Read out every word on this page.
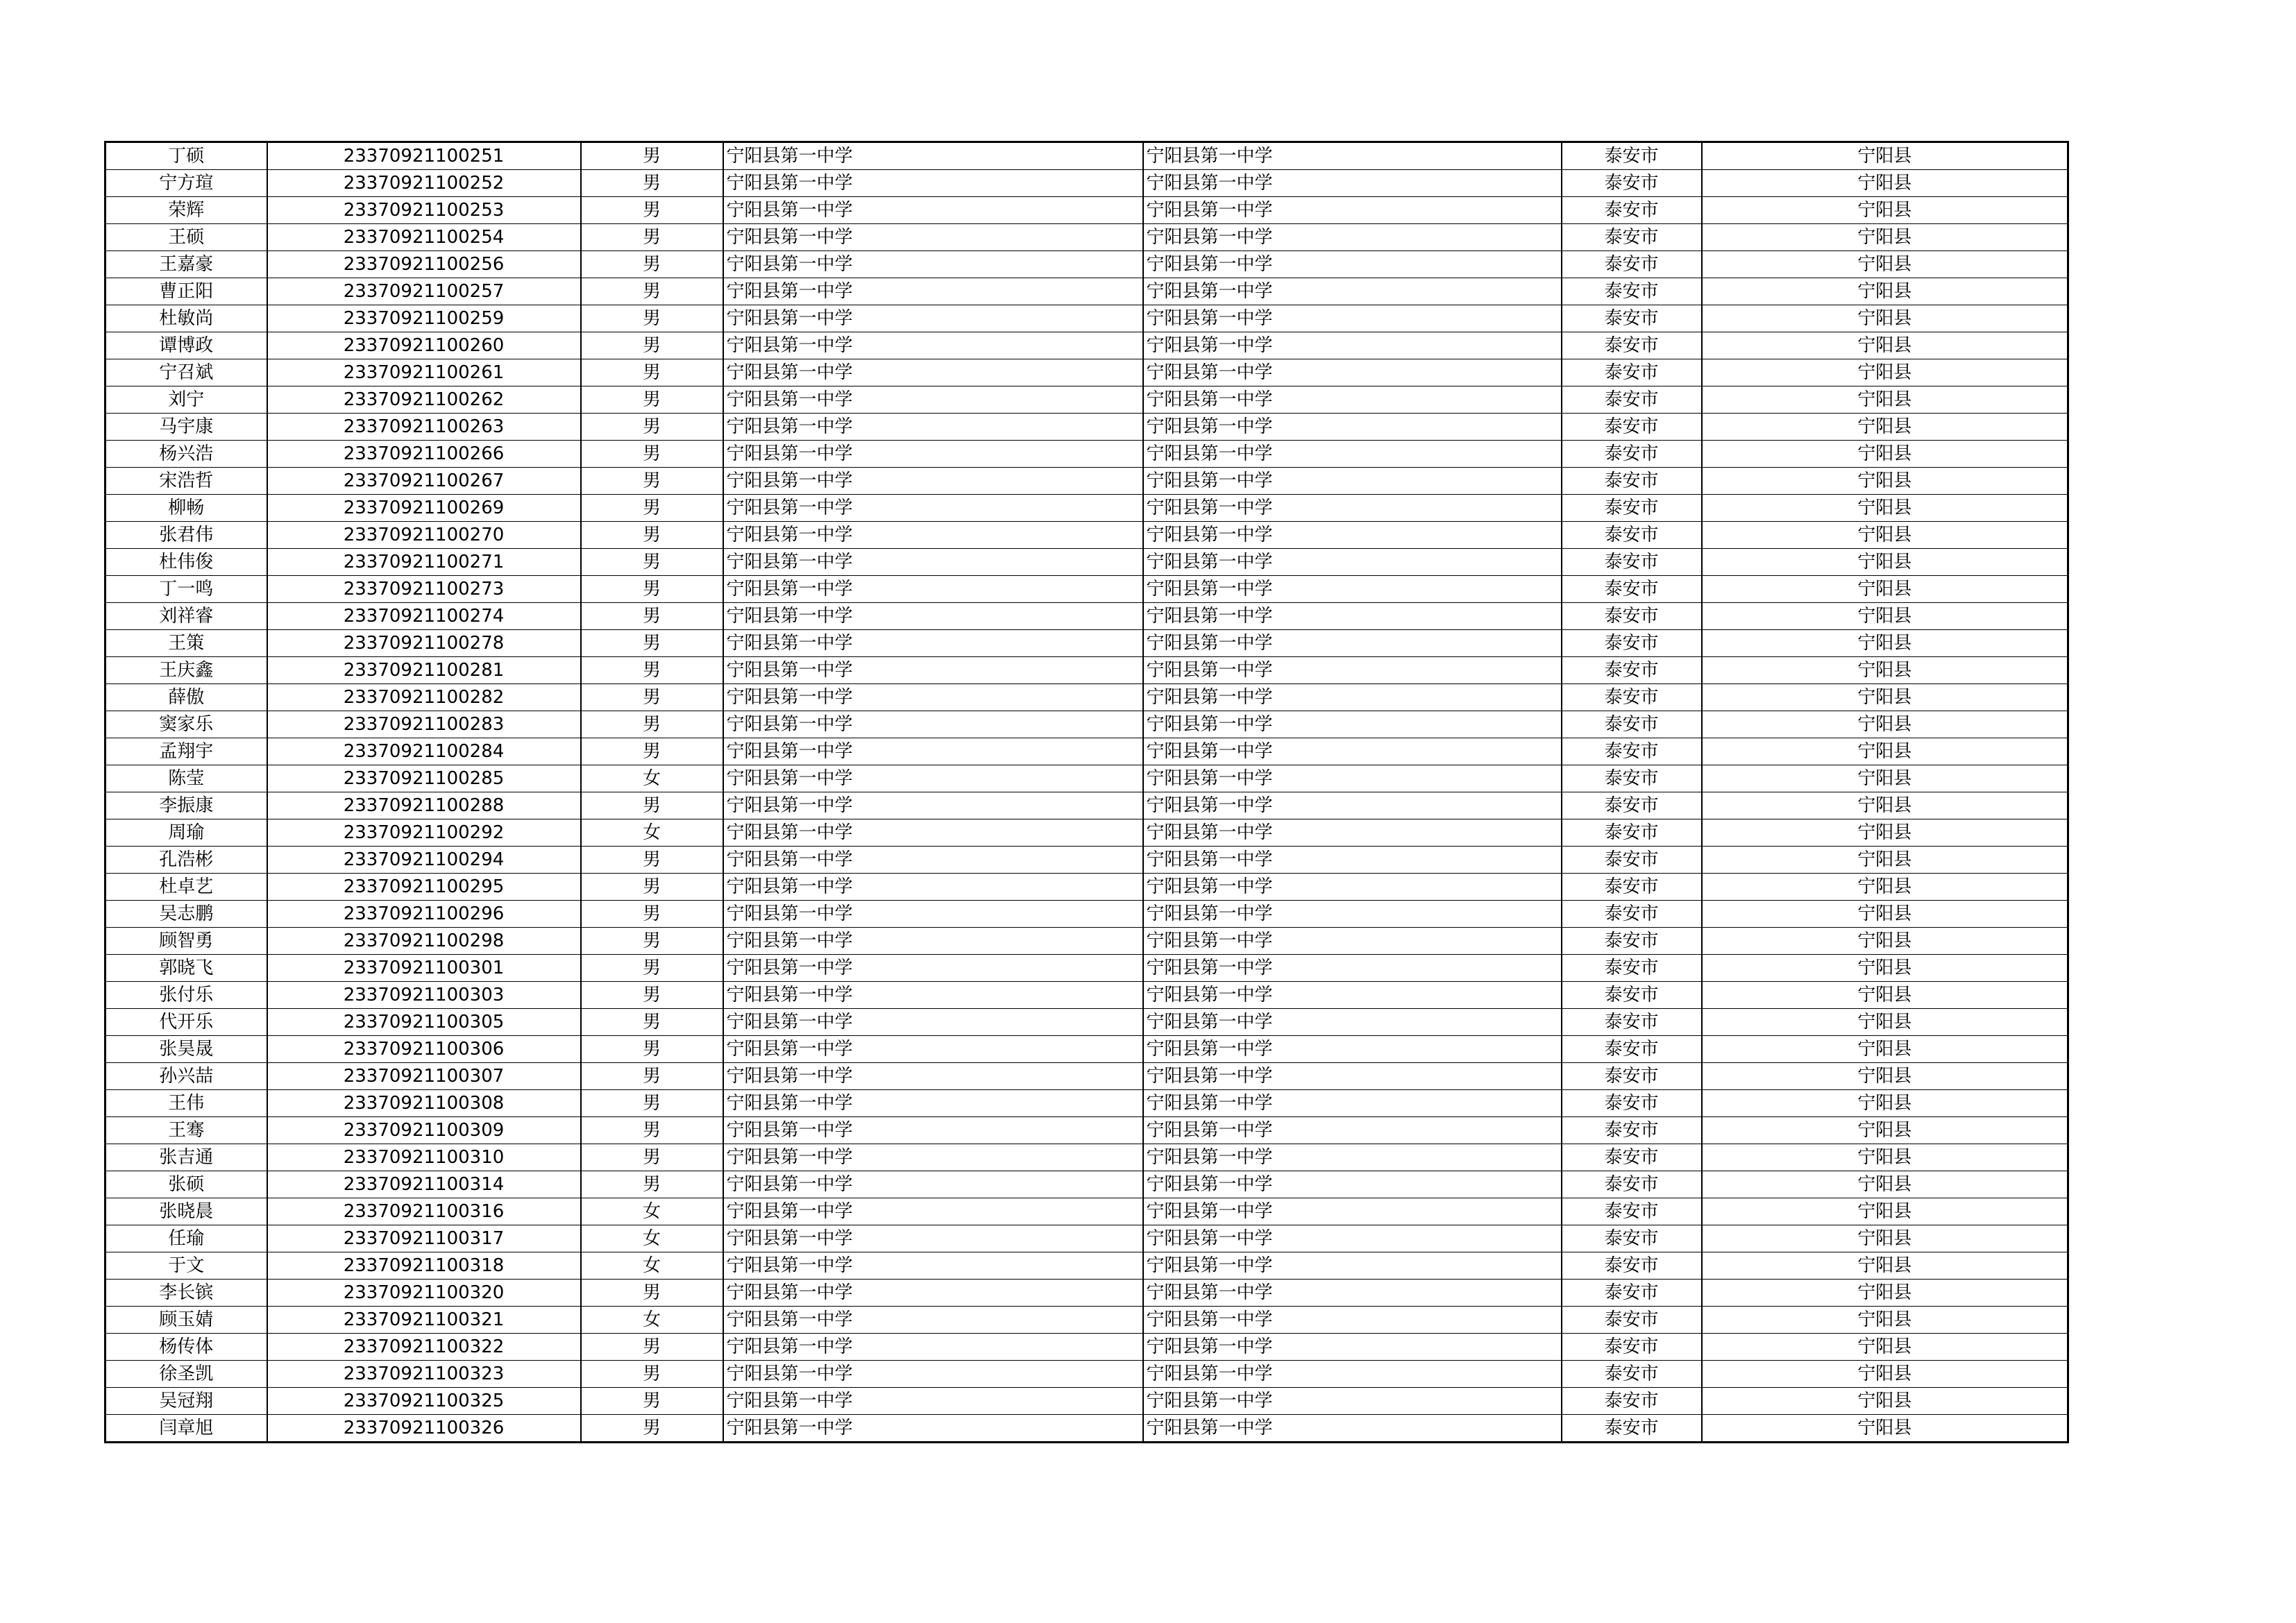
丁硕	23370921100251	男	宁阳县第一中学	宁阳县第一中学	泰安市	宁阳县
宁方瑄	23370921100252	男	宁阳县第一中学	宁阳县第一中学	泰安市	宁阳县
荣辉	23370921100253	男	宁阳县第一中学	宁阳县第一中学	泰安市	宁阳县
王硕	23370921100254	男	宁阳县第一中学	宁阳县第一中学	泰安市	宁阳县
王嘉豪	23370921100256	男	宁阳县第一中学	宁阳县第一中学	泰安市	宁阳县
曹正阳	23370921100257	男	宁阳县第一中学	宁阳县第一中学	泰安市	宁阳县
杜敏尚	23370921100259	男	宁阳县第一中学	宁阳县第一中学	泰安市	宁阳县
谭博政	23370921100260	男	宁阳县第一中学	宁阳县第一中学	泰安市	宁阳县
宁召斌	23370921100261	男	宁阳县第一中学	宁阳县第一中学	泰安市	宁阳县
刘宁	23370921100262	男	宁阳县第一中学	宁阳县第一中学	泰安市	宁阳县
马宇康	23370921100263	男	宁阳县第一中学	宁阳县第一中学	泰安市	宁阳县
杨兴浩	23370921100266	男	宁阳县第一中学	宁阳县第一中学	泰安市	宁阳县
宋浩哲	23370921100267	男	宁阳县第一中学	宁阳县第一中学	泰安市	宁阳县
柳畅	23370921100269	男	宁阳县第一中学	宁阳县第一中学	泰安市	宁阳县
张君伟	23370921100270	男	宁阳县第一中学	宁阳县第一中学	泰安市	宁阳县
杜伟俊	23370921100271	男	宁阳县第一中学	宁阳县第一中学	泰安市	宁阳县
丁一鸣	23370921100273	男	宁阳县第一中学	宁阳县第一中学	泰安市	宁阳县
刘祥睿	23370921100274	男	宁阳县第一中学	宁阳县第一中学	泰安市	宁阳县
王策	23370921100278	男	宁阳县第一中学	宁阳县第一中学	泰安市	宁阳县
王庆鑫	23370921100281	男	宁阳县第一中学	宁阳县第一中学	泰安市	宁阳县
薛傲	23370921100282	男	宁阳县第一中学	宁阳县第一中学	泰安市	宁阳县
窦家乐	23370921100283	男	宁阳县第一中学	宁阳县第一中学	泰安市	宁阳县
孟翔宇	23370921100284	男	宁阳县第一中学	宁阳县第一中学	泰安市	宁阳县
陈莹	23370921100285	女	宁阳县第一中学	宁阳县第一中学	泰安市	宁阳县
李振康	23370921100288	男	宁阳县第一中学	宁阳县第一中学	泰安市	宁阳县
周瑜	23370921100292	女	宁阳县第一中学	宁阳县第一中学	泰安市	宁阳县
孔浩彬	23370921100294	男	宁阳县第一中学	宁阳县第一中学	泰安市	宁阳县
杜卓艺	23370921100295	男	宁阳县第一中学	宁阳县第一中学	泰安市	宁阳县
吴志鹏	23370921100296	男	宁阳县第一中学	宁阳县第一中学	泰安市	宁阳县
顾智勇	23370921100298	男	宁阳县第一中学	宁阳县第一中学	泰安市	宁阳县
郭晓飞	23370921100301	男	宁阳县第一中学	宁阳县第一中学	泰安市	宁阳县
张付乐	23370921100303	男	宁阳县第一中学	宁阳县第一中学	泰安市	宁阳县
代开乐	23370921100305	男	宁阳县第一中学	宁阳县第一中学	泰安市	宁阳县
张昊晟	23370921100306	男	宁阳县第一中学	宁阳县第一中学	泰安市	宁阳县
孙兴喆	23370921100307	男	宁阳县第一中学	宁阳县第一中学	泰安市	宁阳县
王伟	23370921100308	男	宁阳县第一中学	宁阳县第一中学	泰安市	宁阳县
王骞	23370921100309	男	宁阳县第一中学	宁阳县第一中学	泰安市	宁阳县
张吉通	23370921100310	男	宁阳县第一中学	宁阳县第一中学	泰安市	宁阳县
张硕	23370921100314	男	宁阳县第一中学	宁阳县第一中学	泰安市	宁阳县
张晓晨	23370921100316	女	宁阳县第一中学	宁阳县第一中学	泰安市	宁阳县
任瑜	23370921100317	女	宁阳县第一中学	宁阳县第一中学	泰安市	宁阳县
于文	23370921100318	女	宁阳县第一中学	宁阳县第一中学	泰安市	宁阳县
李长镔	23370921100320	男	宁阳县第一中学	宁阳县第一中学	泰安市	宁阳县
顾玉婧	23370921100321	女	宁阳县第一中学	宁阳县第一中学	泰安市	宁阳县
杨传体	23370921100322	男	宁阳县第一中学	宁阳县第一中学	泰安市	宁阳县
徐圣凯	23370921100323	男	宁阳县第一中学	宁阳县第一中学	泰安市	宁阳县
吴冠翔	23370921100325	男	宁阳县第一中学	宁阳县第一中学	泰安市	宁阳县
闫章旭	23370921100326	男	宁阳县第一中学	宁阳县第一中学	泰安市	宁阳县
